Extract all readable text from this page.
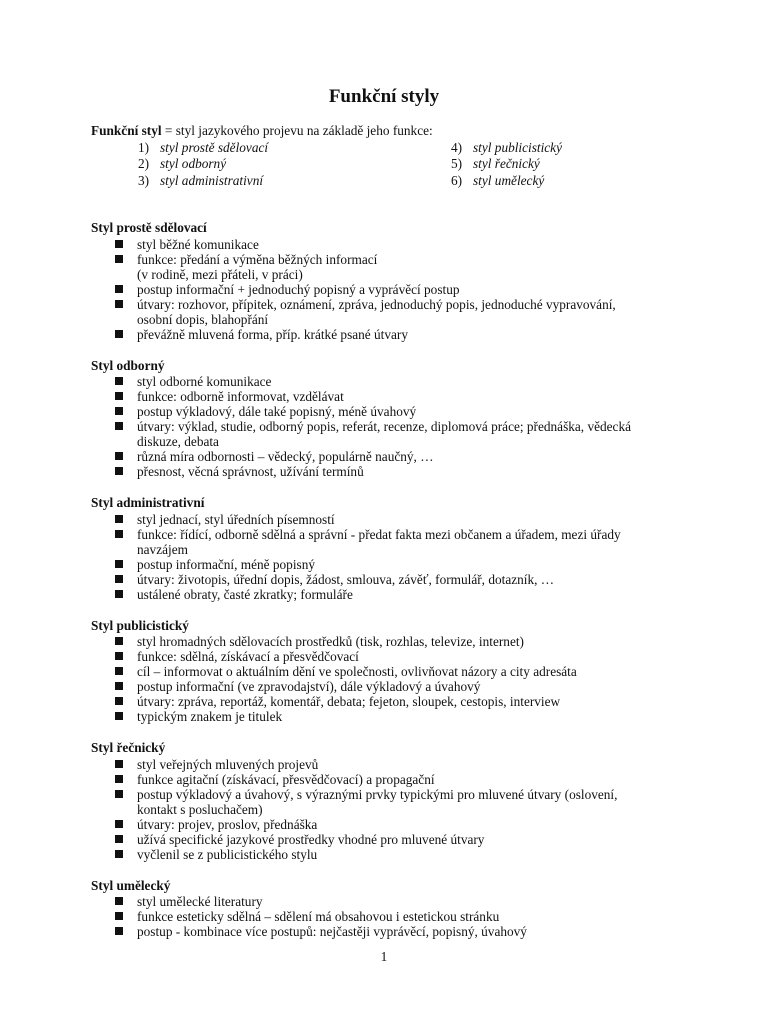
Funkční styly
Funkční styl = styl jazykového projevu na základě jeho funkce:
1) styl prostě sdělovací	4) styl publicistický
2) styl odborný	5) styl řečnický
3) styl administrativní	6) styl umělecký
Styl prostě sdělovací
styl běžné komunikace
funkce: předání a výměna běžných informací
(v rodině, mezi přáteli, v práci)
postup informační + jednoduchý popisný a vyprávěcí postup
útvary: rozhovor, přípitek, oznámení, zpráva, jednoduchý popis, jednoduché vypravování,
osobní dopis, blahopřání
převážně mluvená forma, příp. krátké psané útvary
Styl odborný
styl odborné komunikace
funkce: odborně informovat, vzdělávat
postup výkladový, dále také popisný, méně úvahový
útvary: výklad, studie, odborný popis, referát, recenze, diplomová práce; přednáška, vědecká
diskuze, debata
různá míra odbornosti – vědecký, populárně naučný, …
přesnost, věcná správnost, užívání termínů
Styl administrativní
styl jednací, styl úředních písemností
funkce: řídící, odborně sdělná a správní - předat fakta mezi občanem a úřadem, mezi úřady
navzájem
postup informační, méně popisný
útvary: životopis, úřední dopis, žádost, smlouva, závěť, formulář, dotazník, …
ustálené obraty, časté zkratky; formuláře
Styl publicistický
styl hromadných sdělovacích prostředků (tisk, rozhlas, televize, internet)
funkce: sdělná, získávací a přesvědčovací
cíl – informovat o aktuálním dění ve společnosti, ovlivňovat názory a city adresáta
postup informační (ve zpravodajství), dále výkladový a úvahový
útvary: zpráva, reportáž, komentář, debata; fejeton, sloupek, cestopis, interview
typickým znakem je titulek
Styl řečnický
styl veřejných mluvených projevů
funkce agitační (získávací, přesvědčovací) a propagační
postup výkladový a úvahový, s výraznými prvky typickými pro mluvené útvary (oslovení,
kontakt s posluchačem)
útvary: projev, proslov, přednáška
užívá specifické jazykové prostředky vhodné pro mluvené útvary
vyčlenil se z publicistického stylu
Styl umělecký
styl umělecké literatury
funkce esteticky sdělná – sdělení má obsahovou i estetickou stránku
postup - kombinace více postupů: nejčastěji vyprávěcí, popisný, úvahový
1
